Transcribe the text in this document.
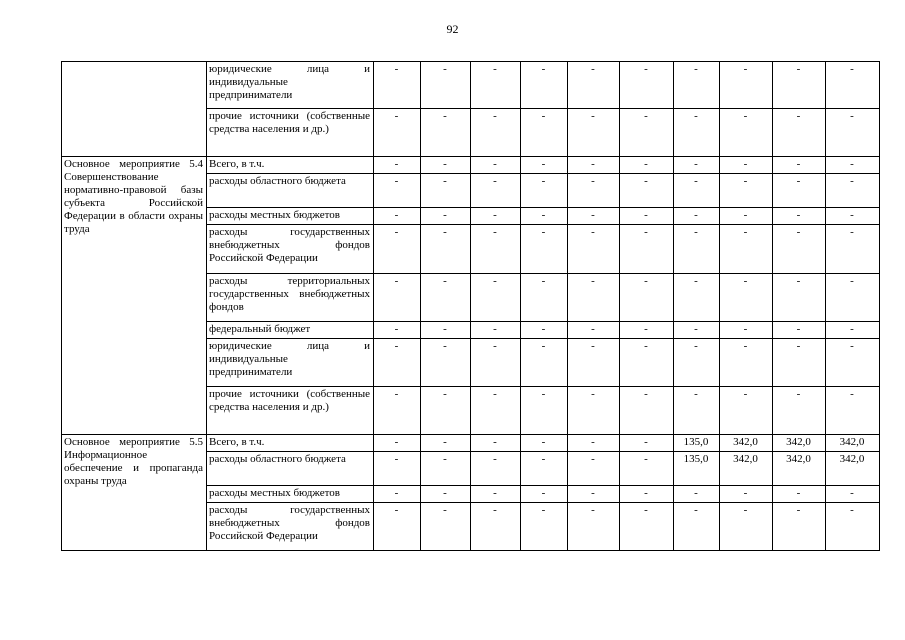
92
	юридические лица и индивидуальные предприниматели	-	-	-	-	-	-	-	-	-	-
	прочие источники (собственные средства населения и др.)	-	-	-	-	-	-	-	-	-	-

Основное мероприятие 5.4 Совершенствование нормативно-правовой базы субъекта Российской Федерации в области охраны труда	Всего, в т.ч.	-	-	-	-	-	-	-	-	-	-
	расходы областного бюджета	-	-	-	-	-	-	-	-	-	-
	расходы местных бюджетов	-	-	-	-	-	-	-	-	-	-
	расходы государственных внебюджетных фондов Российской Федерации	-	-	-	-	-	-	-	-	-	-
	расходы территориальных государственных внебюджетных фондов	-	-	-	-	-	-	-	-	-	-
	федеральный бюджет	-	-	-	-	-	-	-	-	-	-
	юридические лица и индивидуальные предприниматели	-	-	-	-	-	-	-	-	-	-
	прочие источники (собственные средства населения и др.)	-	-	-	-	-	-	-	-	-	-

Основное мероприятие 5.5 Информационное обеспечение и пропаганда охраны труда	Всего, в т.ч.	-	-	-	-	-	-	135,0	342,0	342,0	342,0
	расходы областного бюджета	-	-	-	-	-	-	135,0	342,0	342,0	342,0
	расходы местных бюджетов	-	-	-	-	-	-	-	-	-	-
	расходы государственных внебюджетных фондов Российской Федерации	-	-	-	-	-	-	-	-	-	-
